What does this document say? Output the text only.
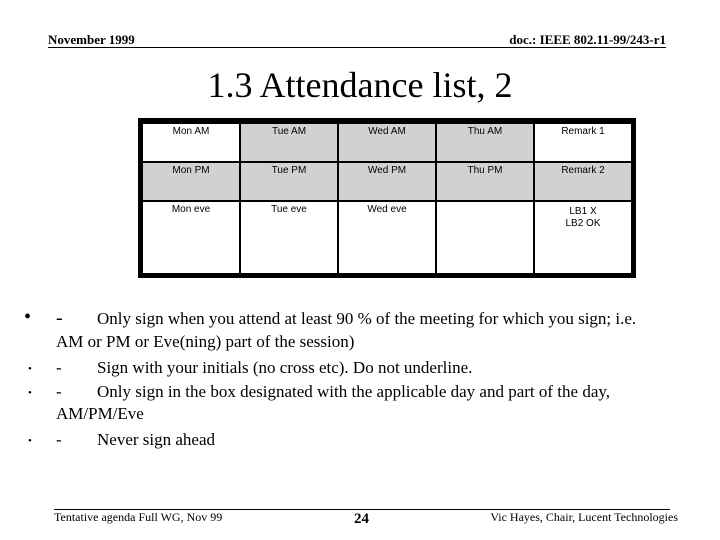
November 1999	doc.: IEEE 802.11-99/243-r1
1.3 Attendance list, 2
Mon AM	Tue AM	Wed AM	Thu AM	Remark 1
Mon PM	Tue PM	Wed PM	Thu PM	Remark 2
Mon eve	Tue eve	Wed eve		LB1 X
LB2 OK
• - Only sign when you attend at least 90 % of the meeting for which you sign; i.e.
AM or PM or Eve(ning) part of the session)
• - Sign with your initials (no cross etc). Do not underline.
• - Only sign in the box designated with the applicable day and part of the day,
AM/PM/Eve
• - Never sign ahead
Tentative agenda Full WG, Nov 99	24	Vic Hayes, Chair, Lucent Technologies
